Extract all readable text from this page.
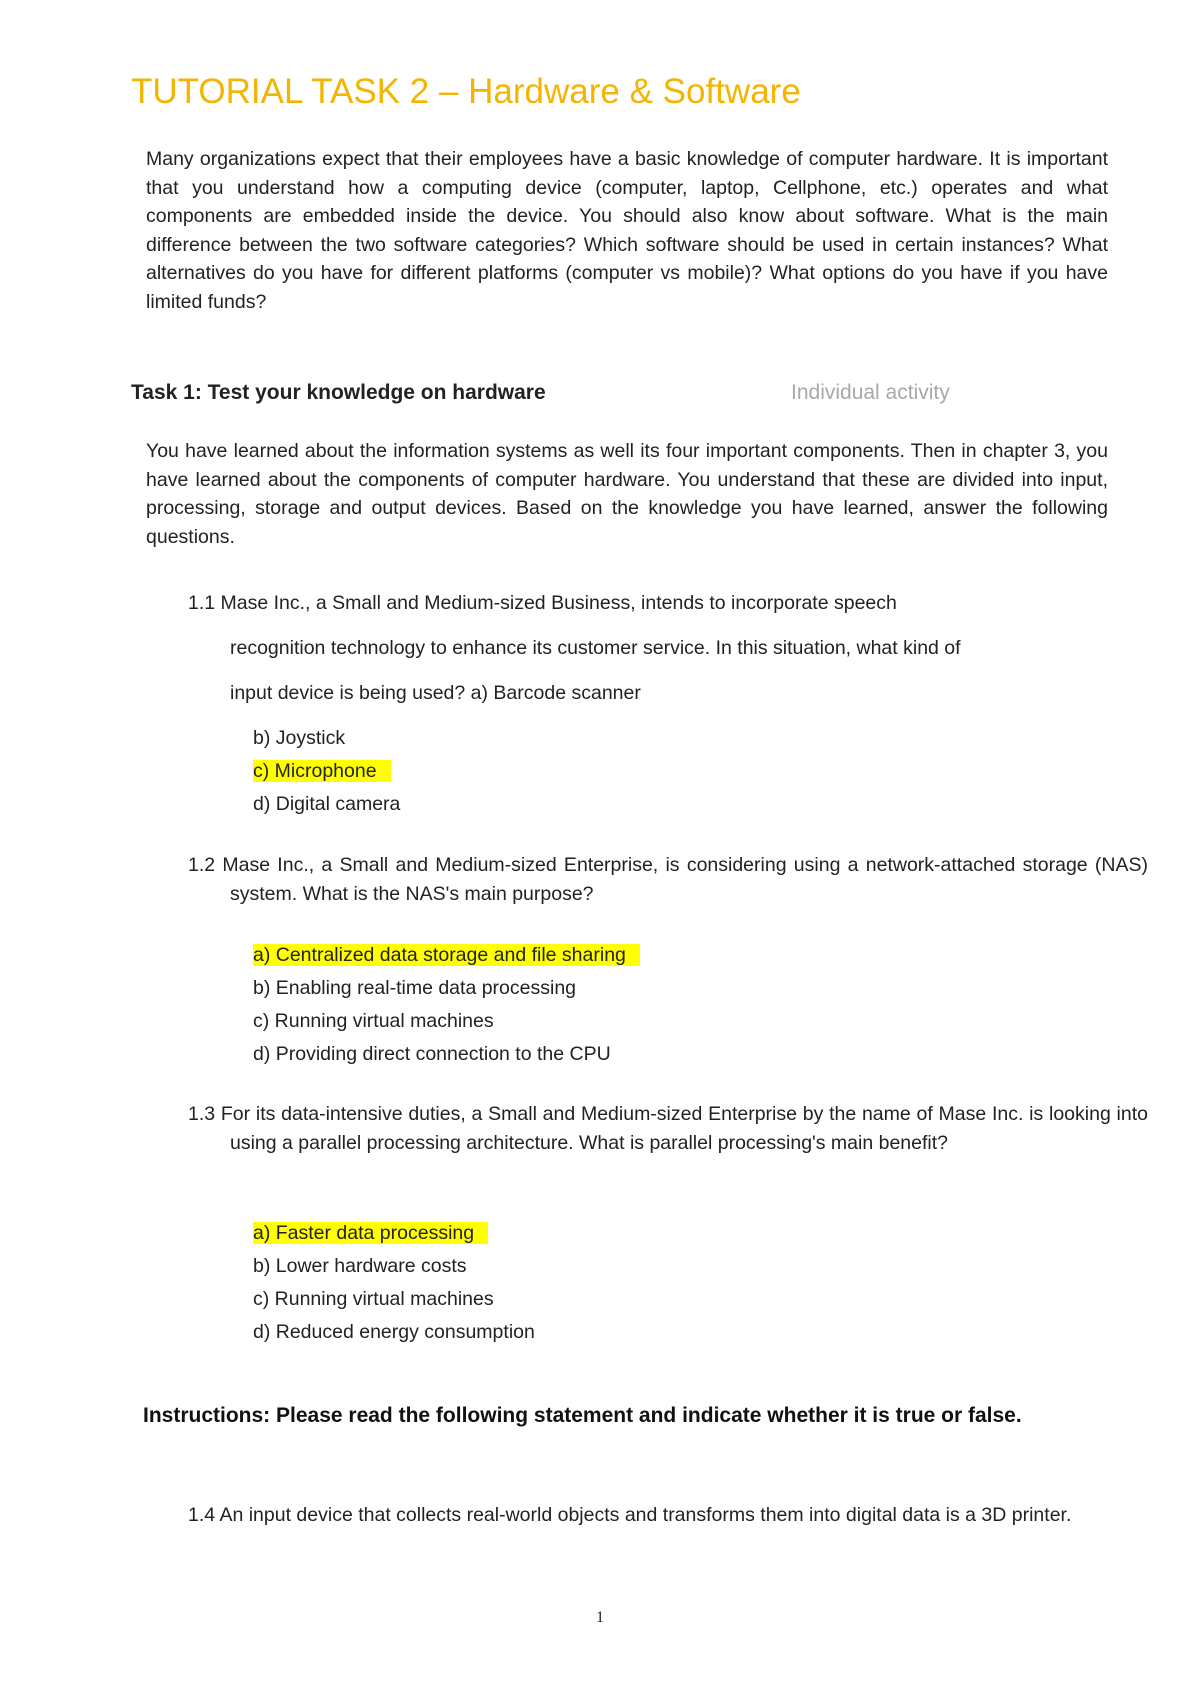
TUTORIAL TASK 2 – Hardware & Software

Many organizations expect that their employees have a basic knowledge of computer hardware. It is important that you understand how a computing device (computer, laptop, Cellphone, etc.) operates and what components are embedded inside the device. You should also know about software. What is the main difference between the two software categories? Which software should be used in certain instances? What alternatives do you have for different platforms (computer vs mobile)? What options do you have if you have limited funds?

Task 1: Test your knowledge on hardware	Individual activity

You have learned about the information systems as well its four important components. Then in chapter 3, you have learned about the components of computer hardware. You understand that these are divided into input, processing, storage and output devices. Based on the knowledge you have learned, answer the following questions.

1.1 Mase Inc., a Small and Medium-sized Business, intends to incorporate speech
recognition technology to enhance its customer service. In this situation, what kind of
input device is being used? a) Barcode scanner
b) Joystick
c) Microphone
d) Digital camera

1.2 Mase Inc., a Small and Medium-sized Enterprise, is considering using a network-attached storage (NAS) system. What is the NAS's main purpose?

a) Centralized data storage and file sharing
b) Enabling real-time data processing
c) Running virtual machines
d) Providing direct connection to the CPU

1.3 For its data-intensive duties, a Small and Medium-sized Enterprise by the name of Mase Inc. is looking into using a parallel processing architecture. What is parallel processing's main benefit?

a) Faster data processing
b) Lower hardware costs
c) Running virtual machines
d) Reduced energy consumption

Instructions: Please read the following statement and indicate whether it is true or false.

1.4 An input device that collects real-world objects and transforms them into digital data is a 3D printer.

1
